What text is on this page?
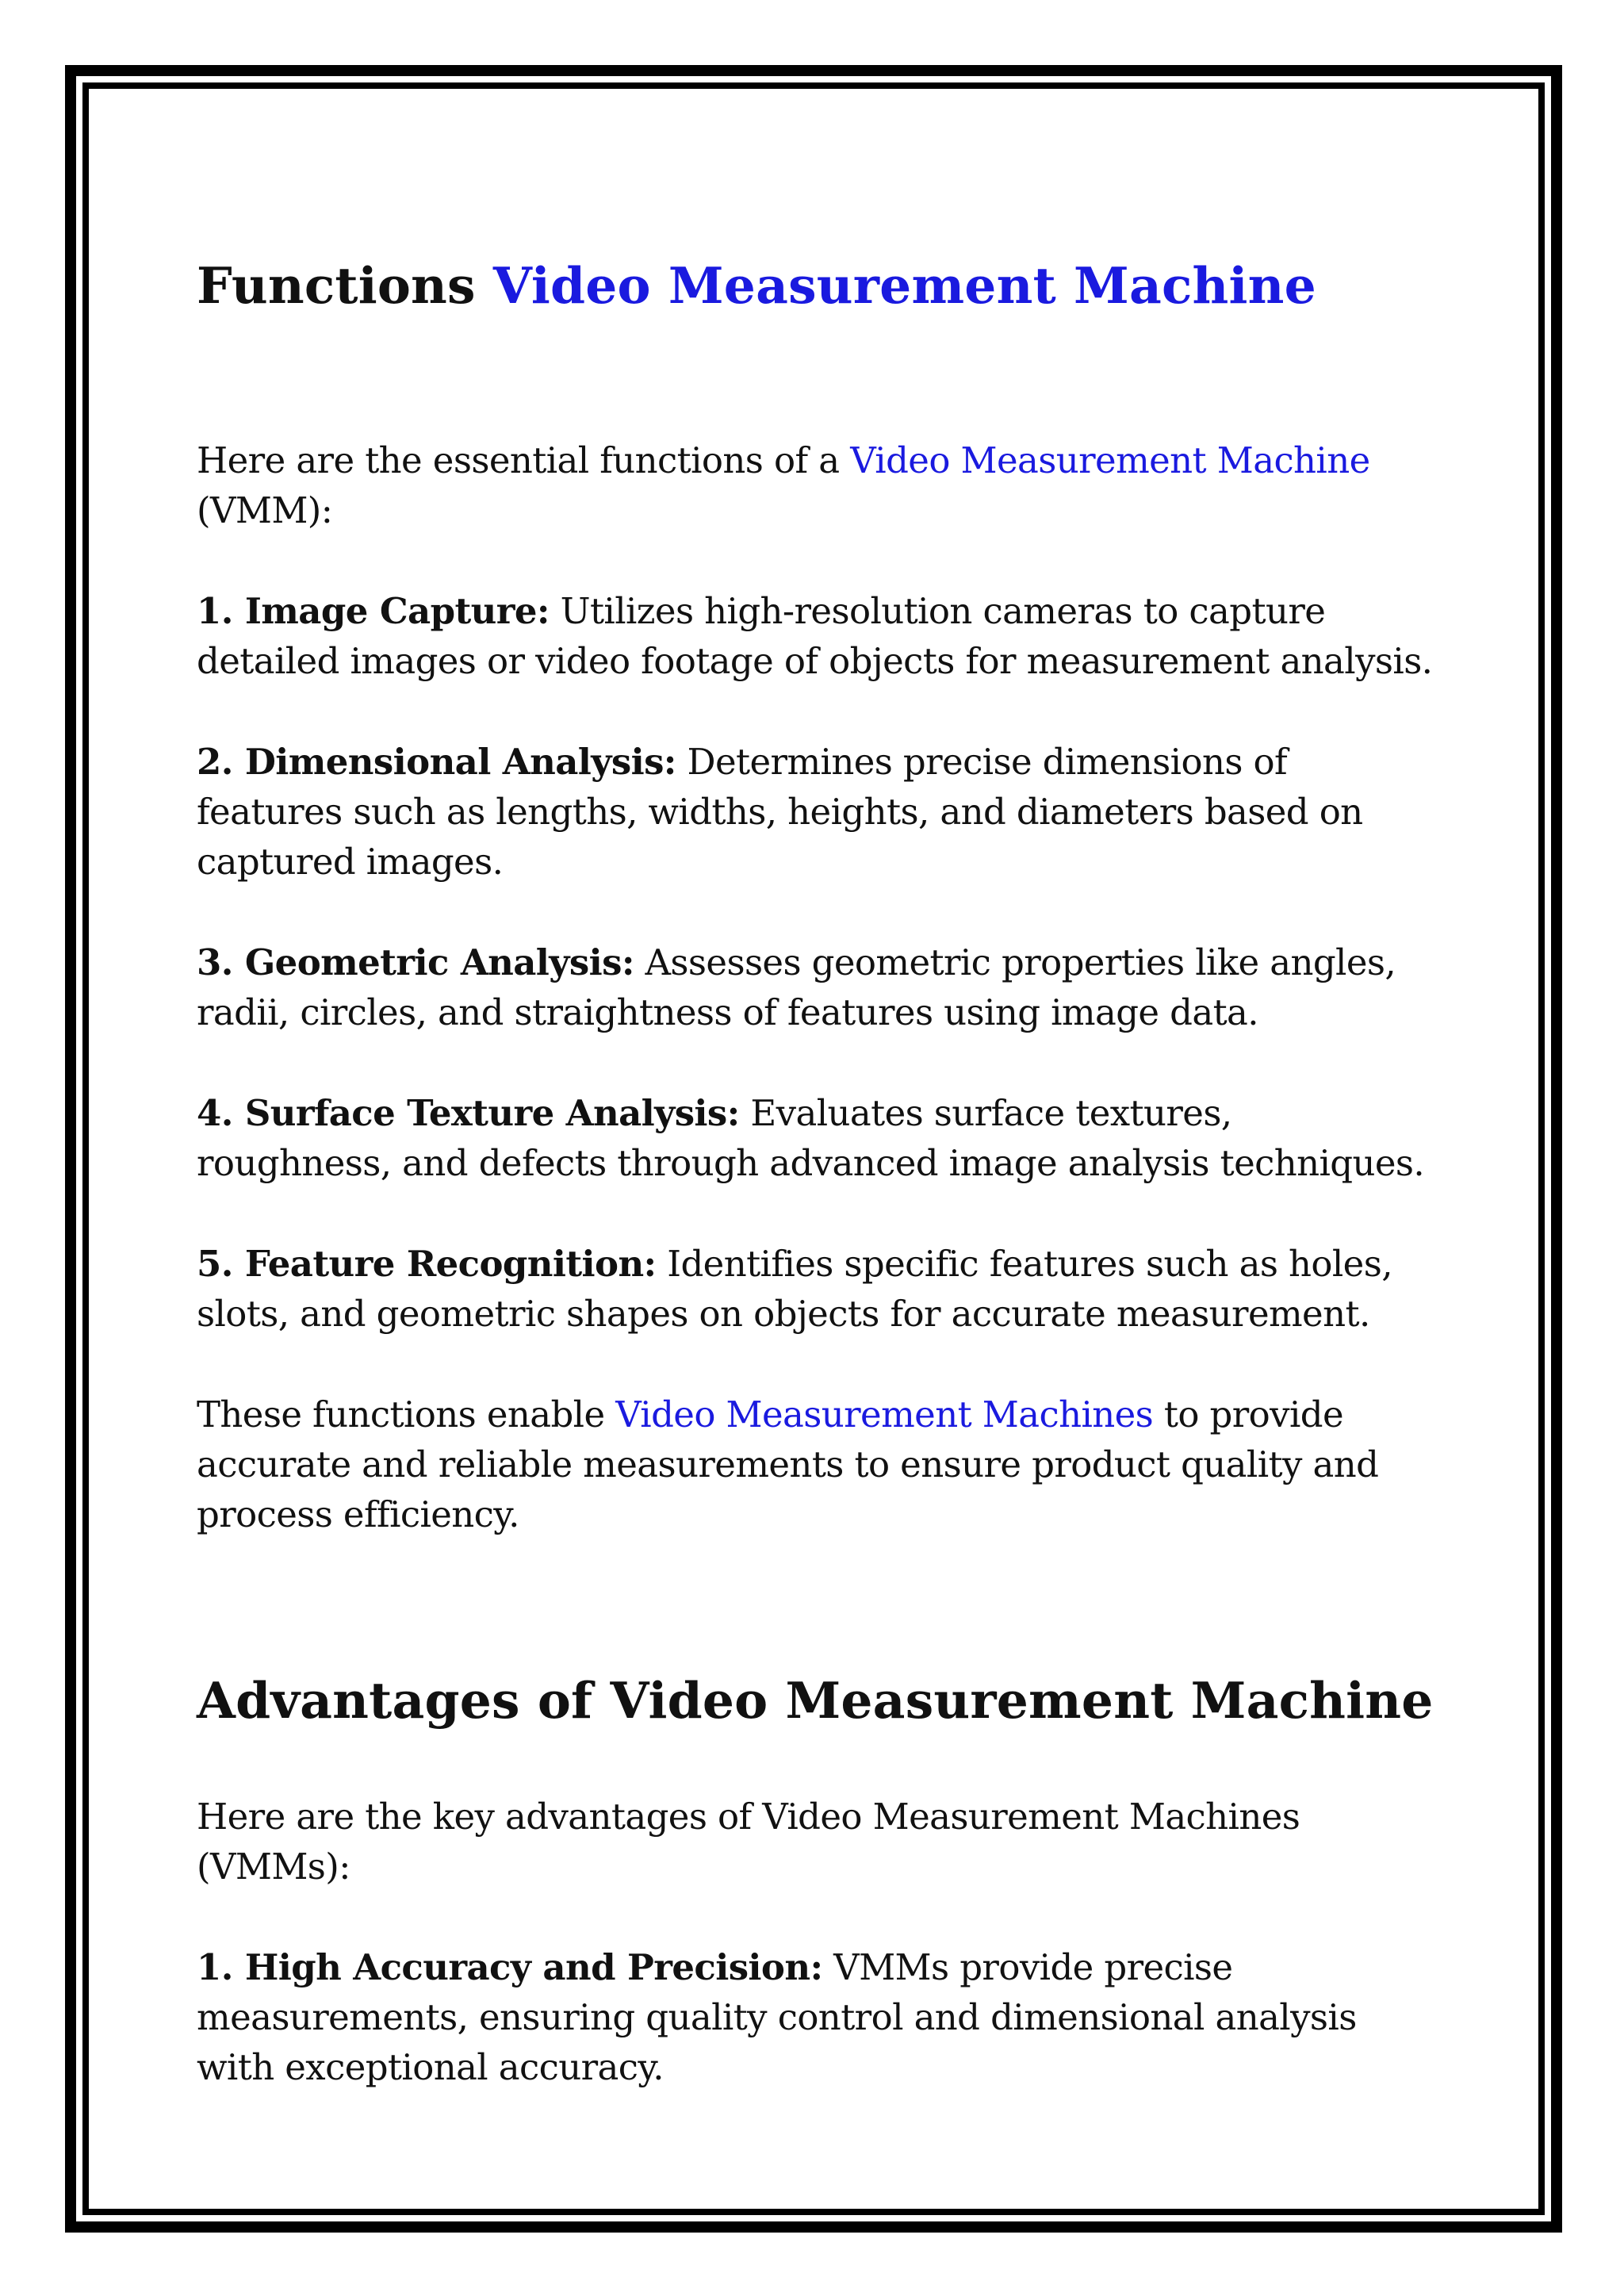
Functions Video Measurement Machine

Here are the essential functions of a Video Measurement Machine (VMM):

1. Image Capture: Utilizes high-resolution cameras to capture detailed images or video footage of objects for measurement analysis.

2. Dimensional Analysis: Determines precise dimensions of features such as lengths, widths, heights, and diameters based on captured images.

3. Geometric Analysis: Assesses geometric properties like angles, radii, circles, and straightness of features using image data.

4. Surface Texture Analysis: Evaluates surface textures, roughness, and defects through advanced image analysis techniques.

5. Feature Recognition: Identifies specific features such as holes, slots, and geometric shapes on objects for accurate measurement.

These functions enable Video Measurement Machines to provide accurate and reliable measurements to ensure product quality and process efficiency.

Advantages of Video Measurement Machine

Here are the key advantages of Video Measurement Machines (VMMs):

1. High Accuracy and Precision: VMMs provide precise measurements, ensuring quality control and dimensional analysis with exceptional accuracy.
